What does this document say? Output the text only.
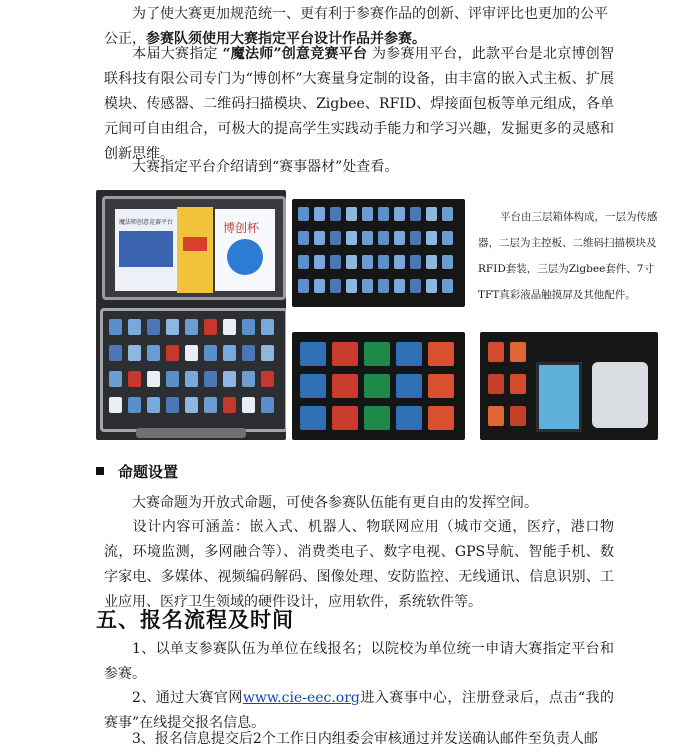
为了使大赛更加规范统一、更有利于参赛作品的创新、评审评比也更加的公平
公正，参赛队须使用大赛指定平台设计作品并参赛。

本届大赛指定 “魔法师”创意竞赛平台 为参赛用平台，此款平台是北京博创智联科技有限公司专门为“博创杯”大赛量身定制的设备，由丰富的嵌入式主板、扩展模块、传感器、二维码扫描模块、Zigbee、RFID、焊接面包板等单元组成，各单元间可自由组合，可极大的提高学生实践动手能力和学习兴趣，发掘更多的灵感和创新思维。

大赛指定平台介绍请到“赛事器材”处查看。

魔法师创意竞赛平台	博创杯

平台由三层箱体构成，一层为传感器，二层为主控板、二维码扫描模块及RFID套装，三层为Zigbee套件、7寸TFT真彩液晶触摸屏及其他配件。

命题设置

大赛命题为开放式命题，可使各参赛队伍能有更自由的发挥空间。

设计内容可涵盖：嵌入式、机器人、物联网应用（城市交通，医疗，港口物流，环境监测，多网融合等）、消费类电子、数字电视、GPS导航、智能手机、数字家电、多媒体、视频编码解码、图像处理、安防监控、无线通讯、信息识别、工业应用、医疗卫生领域的硬件设计，应用软件，系统软件等。

五、报名流程及时间

1、以单支参赛队伍为单位在线报名；以院校为单位统一申请大赛指定平台和参赛。

2、通过大赛官网www.cie-eec.org进入赛事中心，注册登录后，点击“我的赛事”在线提交报名信息。

3、报名信息提交后2个工作日内组委会审核通过并发送确认邮件至负责人邮
